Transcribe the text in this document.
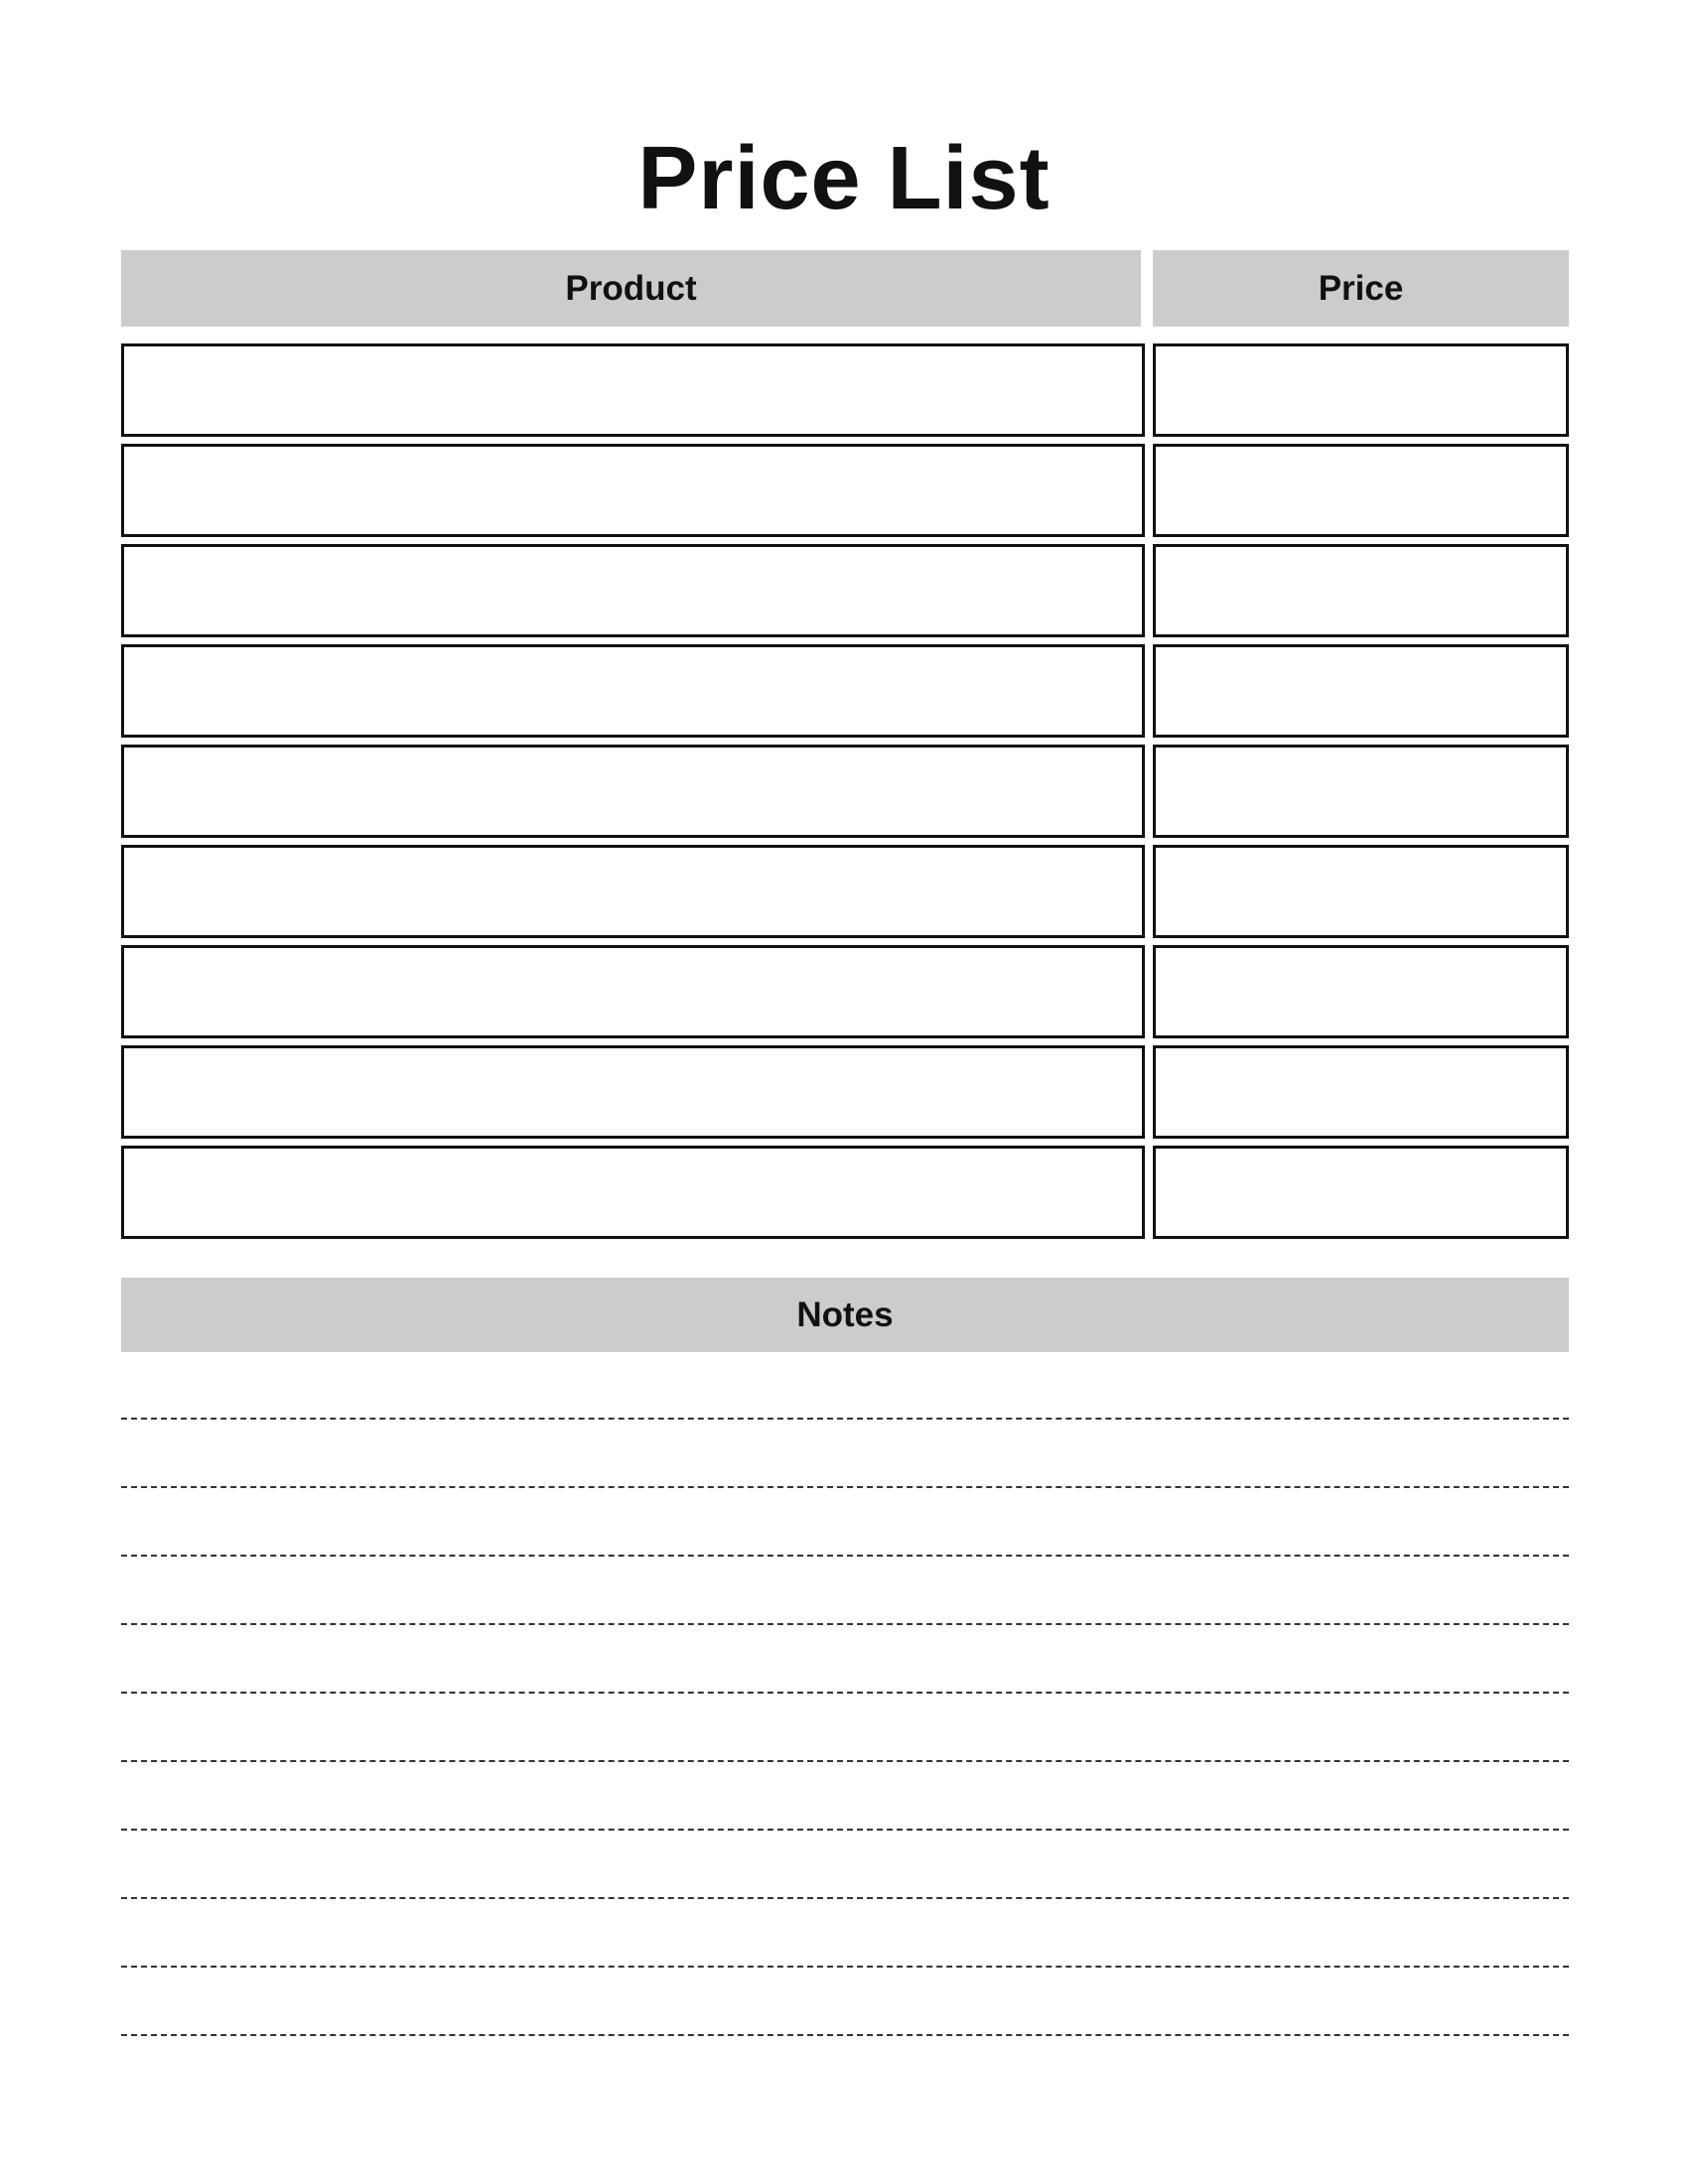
Price List
Product	Price
Notes
